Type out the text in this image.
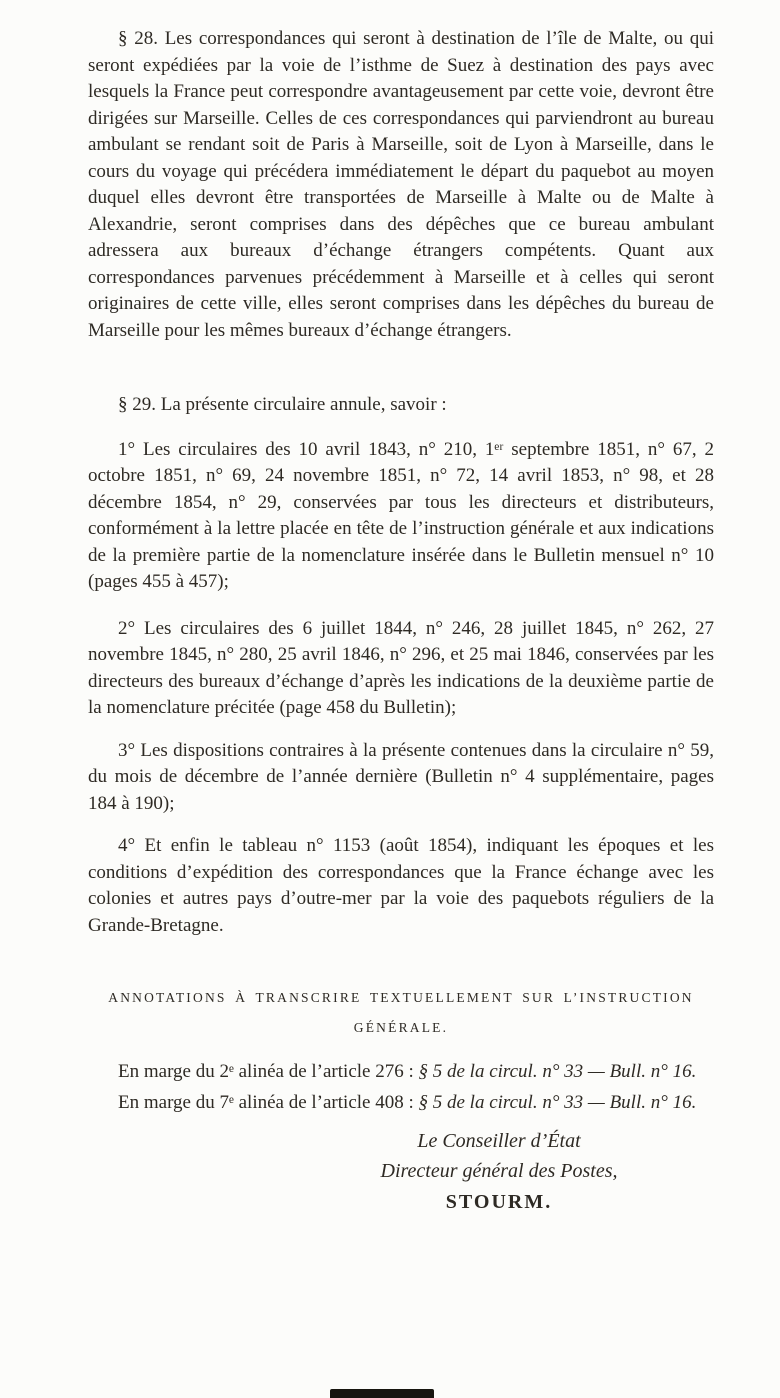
§ 28. Les correspondances qui seront à destination de l’île de Malte, ou qui seront expédiées par la voie de l’isthme de Suez à destination des pays avec lesquels la France peut correspondre avantageusement par cette voie, devront être dirigées sur Marseille. Celles de ces correspondances qui parviendront au bureau ambulant se rendant soit de Paris à Marseille, soit de Lyon à Marseille, dans le cours du voyage qui précédera immédiatement le départ du paquebot au moyen duquel elles devront être transportées de Marseille à Malte ou de Malte à Alexandrie, seront comprises dans des dépêches que ce bureau ambulant adressera aux bureaux d’échange étrangers compétents. Quant aux correspondances parvenues précédemment à Marseille et à celles qui seront originaires de cette ville, elles seront comprises dans les dépêches du bureau de Marseille pour les mêmes bureaux d’échange étrangers.

§ 29. La présente circulaire annule, savoir :

1° Les circulaires des 10 avril 1843, n° 210, 1ᵉʳ septembre 1851, n° 67, 2 octobre 1851, n° 69, 24 novembre 1851, n° 72, 14 avril 1853, n° 98, et 28 décembre 1854, n° 29, conservées par tous les directeurs et distributeurs, conformément à la lettre placée en tête de l’instruction générale et aux indications de la première partie de la nomenclature insérée dans le Bulletin mensuel n° 10 (pages 455 à 457);

2° Les circulaires des 6 juillet 1844, n° 246, 28 juillet 1845, n° 262, 27 novembre 1845, n° 280, 25 avril 1846, n° 296, et 25 mai 1846, conservées par les directeurs des bureaux d’échange d’après les indications de la deuxième partie de la nomenclature précitée (page 458 du Bulletin);

3° Les dispositions contraires à la présente contenues dans la circulaire n° 59, du mois de décembre de l’année dernière (Bulletin n° 4 supplémentaire, pages 184 à 190);

4° Et enfin le tableau n° 1153 (août 1854), indiquant les époques et les conditions d’expédition des correspondances que la France échange avec les colonies et autres pays d’outre-mer par la voie des paquebots réguliers de la Grande-Bretagne.

ANNOTATIONS À TRANSCRIRE TEXTUELLEMENT SUR L’INSTRUCTION
GÉNÉRALE.

En marge du 2ᵉ alinéa de l’article 276 : § 5 de la circul. n° 33 — Bull. n° 16.

En marge du 7ᵉ alinéa de l’article 408 : § 5 de la circul. n° 33 — Bull. n° 16.

Le Conseiller d’État
Directeur général des Postes,
STOURM.
